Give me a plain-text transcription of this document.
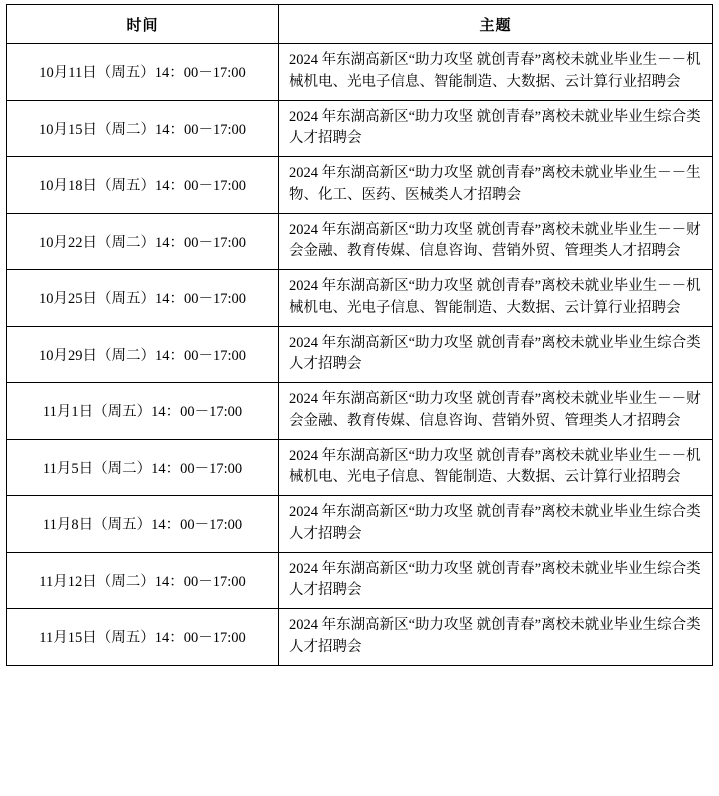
时间	主题
10月11日（周五）14：00－17:00	2024 年东湖高新区“助力攻坚 就创青春”离校未就业毕业生－－机械机电、光电子信息、智能制造、大数据、云计算行业招聘会

10月15日（周二）14：00－17:00	2024 年东湖高新区“助力攻坚 就创青春”离校未就业毕业生综合类人才招聘会

10月18日（周五）14：00－17:00	2024 年东湖高新区“助力攻坚 就创青春”离校未就业毕业生－－生物、化工、医药、医械类人才招聘会

10月22日（周二）14：00－17:00	2024 年东湖高新区“助力攻坚 就创青春”离校未就业毕业生－－财会金融、教育传媒、信息咨询、营销外贸、管理类人才招聘会

10月25日（周五）14：00－17:00	2024 年东湖高新区“助力攻坚 就创青春”离校未就业毕业生－－机械机电、光电子信息、智能制造、大数据、云计算行业招聘会

10月29日（周二）14：00－17:00	2024 年东湖高新区“助力攻坚 就创青春”离校未就业毕业生综合类人才招聘会

11月1日（周五）14：00－17:00	2024 年东湖高新区“助力攻坚 就创青春”离校未就业毕业生－－财会金融、教育传媒、信息咨询、营销外贸、管理类人才招聘会

11月5日（周二）14：00－17:00	2024 年东湖高新区“助力攻坚 就创青春”离校未就业毕业生－－机械机电、光电子信息、智能制造、大数据、云计算行业招聘会

11月8日（周五）14：00－17:00	2024 年东湖高新区“助力攻坚 就创青春”离校未就业毕业生综合类人才招聘会

11月12日（周二）14：00－17:00	2024 年东湖高新区“助力攻坚 就创青春”离校未就业毕业生综合类人才招聘会

11月15日（周五）14：00－17:00	2024 年东湖高新区“助力攻坚 就创青春”离校未就业毕业生综合类人才招聘会
